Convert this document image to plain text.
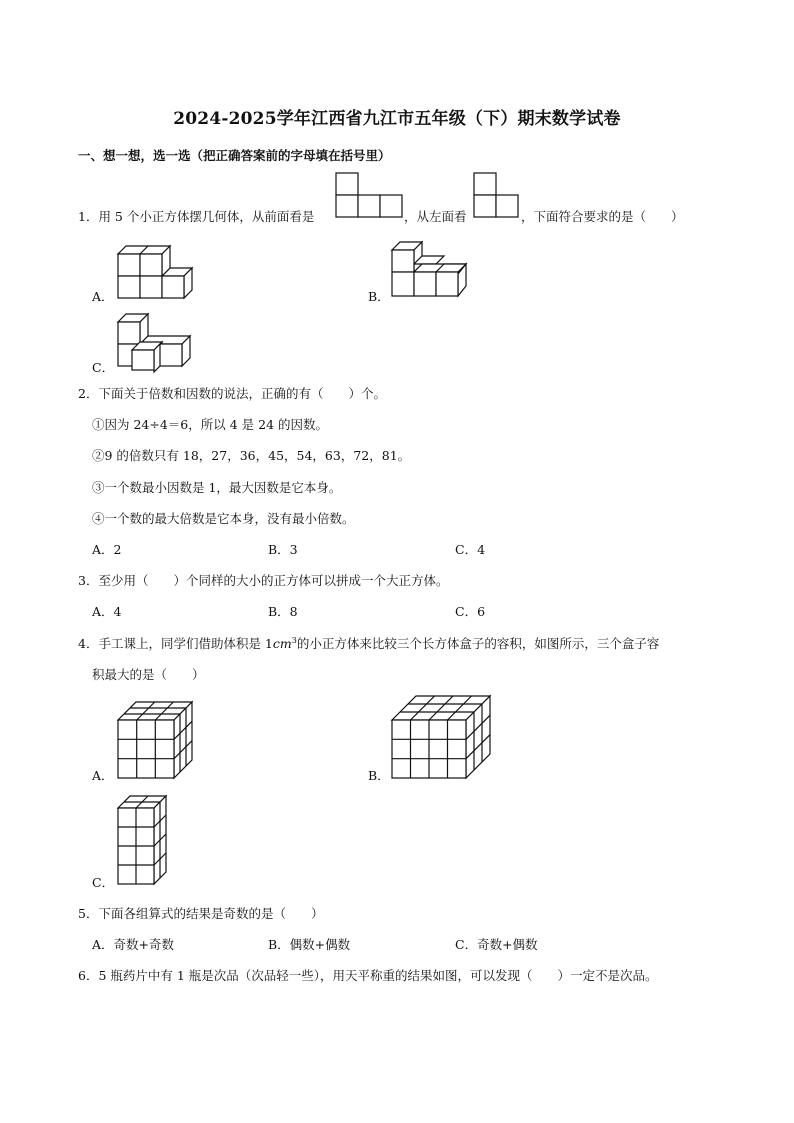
2024-2025学年江西省九江市五年级（下）期末数学试卷
一、想一想，选一选（把正确答案前的字母填在括号里）
1．用 5 个小正方体摆几何体，从前面看是	，从左面看	，下面符合要求的是（　　）
A．	B．
C．
2．下面关于倍数和因数的说法，正确的有（　　）个。
①因为 24÷4＝6，所以 4 是 24 的因数。
②9 的倍数只有 18，27，36，45，54，63，72，81。
③一个数最小因数是 1，最大因数是它本身。
④一个数的最大倍数是它本身，没有最小倍数。
A．2	B．3	C．4
3．至少用（　　）个同样的大小的正方体可以拼成一个大正方体。
A．4	B．8	C．6
4．手工课上，同学们借助体积是 $1cm^3$的小正方体来比较三个长方体盒子的容积，如图所示，三个盒子容
积最大的是（　　）
A．	B．
C．
5．下面各组算式的结果是奇数的是（　　）
A．奇数+奇数	B．偶数+偶数	C．奇数+偶数
6．5 瓶药片中有 1 瓶是次品（次品轻一些），用天平称重的结果如图，可以发现（　　）一定不是次品。
